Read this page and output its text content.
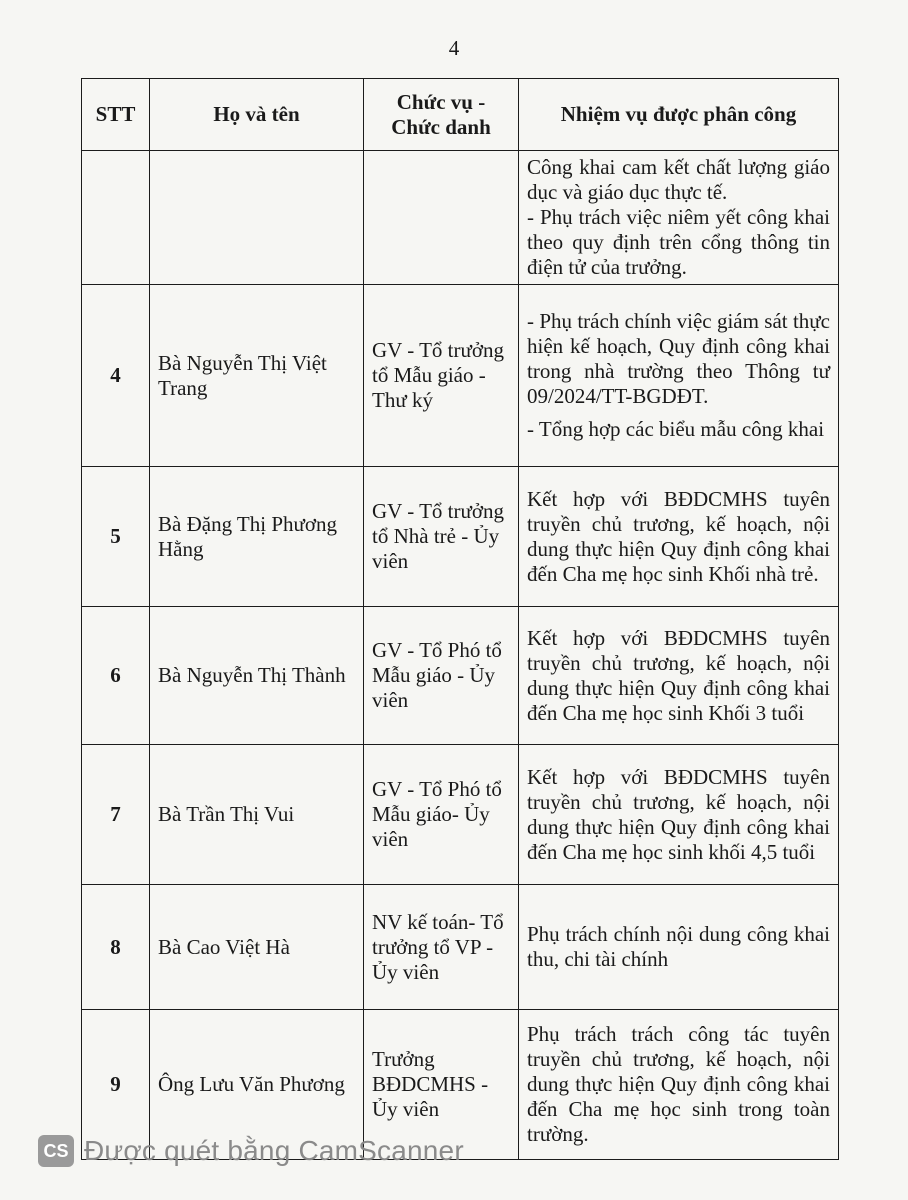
4
STT	Họ và tên	Chức vụ - Chức danh	Nhiệm vụ được phân công

			Công khai cam kết chất lượng giáo dục và giáo dục thực tế.

- Phụ trách việc niêm yết công khai theo quy định trên cổng thông tin điện tử của trưởng.

4	Bà Nguyễn Thị Việt Trang	GV - Tổ trưởng tổ Mẫu giáo - Thư ký	- Phụ trách chính việc giám sát thực hiện kế hoạch, Quy định công khai trong nhà trường theo Thông tư 09/2024/TT-BGDĐT.

- Tổng hợp các biểu mẫu công khai

5	Bà Đặng Thị Phương Hằng	GV - Tổ trưởng tổ Nhà trẻ - Ủy viên	Kết hợp với BĐDCMHS tuyên truyền chủ trương, kế hoạch, nội dung thực hiện Quy định công khai đến Cha mẹ học sinh Khối nhà trẻ.

6	Bà Nguyễn Thị Thành	GV - Tổ Phó tổ Mẫu giáo - Ủy viên	Kết hợp với BĐDCMHS tuyên truyền chủ trương, kế hoạch, nội dung thực hiện Quy định công khai đến Cha mẹ học sinh Khối 3 tuổi

7	Bà Trần Thị Vui	GV - Tổ Phó tổ Mẫu giáo- Ủy viên	Kết hợp với BĐDCMHS tuyên truyền chủ trương, kế hoạch, nội dung thực hiện Quy định công khai đến Cha mẹ học sinh khối 4,5 tuổi

8	Bà Cao Việt Hà	NV kế toán- Tổ trưởng tổ VP - Ủy viên	Phụ trách chính nội dung công khai thu, chi tài chính

9	Ông Lưu Văn Phương	Trưởng BĐDCMHS - Ủy viên	Phụ trách trách công tác tuyên truyền chủ trương, kế hoạch, nội dung thực hiện Quy định công khai đến Cha mẹ học sinh trong toàn trường.

CS Được quét bằng CamScanner
